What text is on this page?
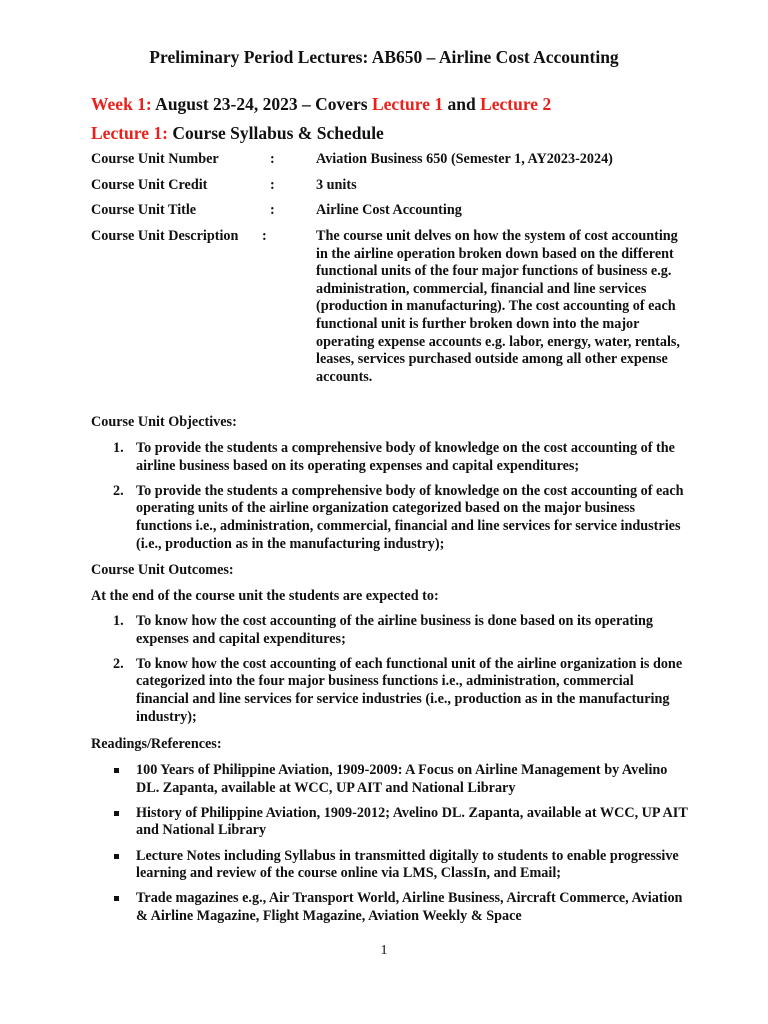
Preliminary Period Lectures: AB650 – Airline Cost Accounting
Week 1: August 23-24, 2023 – Covers Lecture 1 and Lecture 2
Lecture 1: Course Syllabus & Schedule
Course Unit Number	:	Aviation Business 650 (Semester 1, AY2023-2024)
Course Unit Credit	:	3 units
Course Unit Title	:	Airline Cost Accounting
Course Unit Description :	The course unit delves on how the system of cost accounting in the airline operation broken down based on the different functional units of the four major functions of business e.g. administration, commercial, financial and line services (production in manufacturing). The cost accounting of each functional unit is further broken down into the major operating expense accounts e.g. labor, energy, water, rentals, leases, services purchased outside among all other expense accounts.
Course Unit Objectives:
1. To provide the students a comprehensive body of knowledge on the cost accounting of the airline business based on its operating expenses and capital expenditures;
2. To provide the students a comprehensive body of knowledge on the cost accounting of each operating units of the airline organization categorized based on the major business functions i.e., administration, commercial, financial and line services for service industries (i.e., production as in the manufacturing industry);
Course Unit Outcomes:
At the end of the course unit the students are expected to:
1. To know how the cost accounting of the airline business is done based on its operating expenses and capital expenditures;
2. To know how the cost accounting of each functional unit of the airline organization is done categorized into the four major business functions i.e., administration, commercial financial and line services for service industries (i.e., production as in the manufacturing industry);
Readings/References:
100 Years of Philippine Aviation, 1909-2009: A Focus on Airline Management by Avelino DL. Zapanta, available at WCC, UP AIT and National Library
History of Philippine Aviation, 1909-2012; Avelino DL. Zapanta, available at WCC, UP AIT and National Library
Lecture Notes including Syllabus in transmitted digitally to students to enable progressive learning and review of the course online via LMS, ClassIn, and Email;
Trade magazines e.g., Air Transport World, Airline Business, Aircraft Commerce, Aviation & Airline Magazine, Flight Magazine, Aviation Weekly & Space
1
